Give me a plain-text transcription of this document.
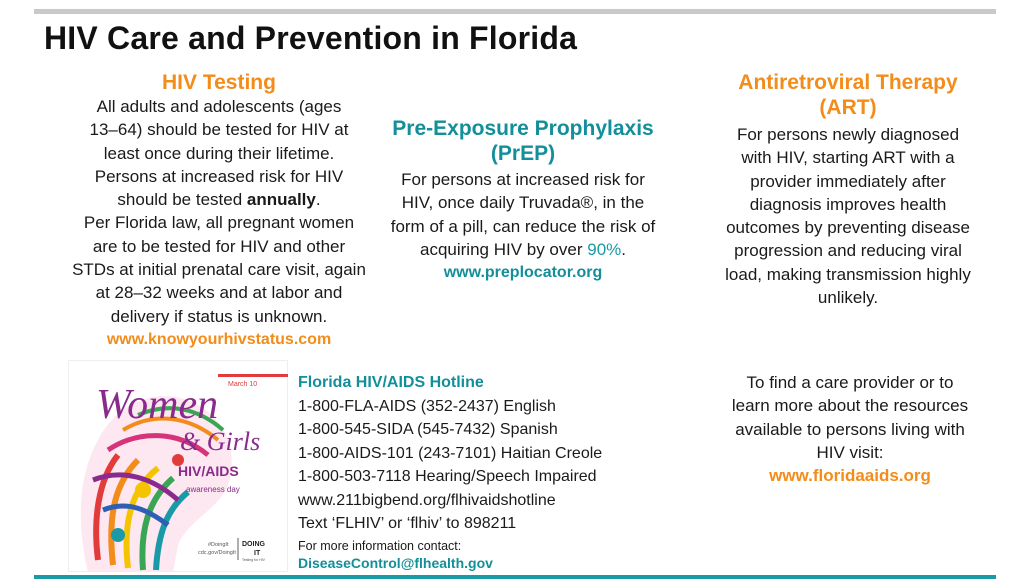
HIV Care and Prevention in Florida
HIV Testing

All adults and adolescents (ages

13–64) should be tested for HIV at

least once during their lifetime.

Persons at increased risk for HIV

should be tested annually.

Per Florida law, all pregnant women

are to be tested for HIV and other

STDs at initial prenatal care visit, again

at 28–32 weeks and at labor and

delivery if status is unknown.

www.knowyourhivstatus.com

Pre-Exposure Prophylaxis
(PrEP)

For persons at increased risk for

HIV, once daily Truvada®, in the

form of a pill, can reduce the risk of

acquiring HIV by over 90%.

www.preplocator.org

Antiretroviral Therapy
(ART)

For persons newly diagnosed

with HIV, starting ART with a

provider immediately after

diagnosis improves health

outcomes by preventing disease

progression and reducing viral

load, making transmission highly

unlikely.

March 10
Women
& Girls
HIV/AIDS
awareness day
#DoingIt
cdc.gov/DoingIt
DOING
IT
Testing for HIV
Florida HIV/AIDS Hotline
1-800-FLA-AIDS (352-2437) English
1-800-545-SIDA (545-7432) Spanish
1-800-AIDS-101 (243-7101) Haitian Creole
1-800-503-7118 Hearing/Speech Impaired
www.211bigbend.org/flhivaidshotline
Text ‘FLHIV’ or ‘flhiv’ to 898211
For more information contact:
DiseaseControl@flhealth.gov

To find a care provider or to

learn more about the resources

available to persons living with

HIV visit:

www.floridaaids.org
